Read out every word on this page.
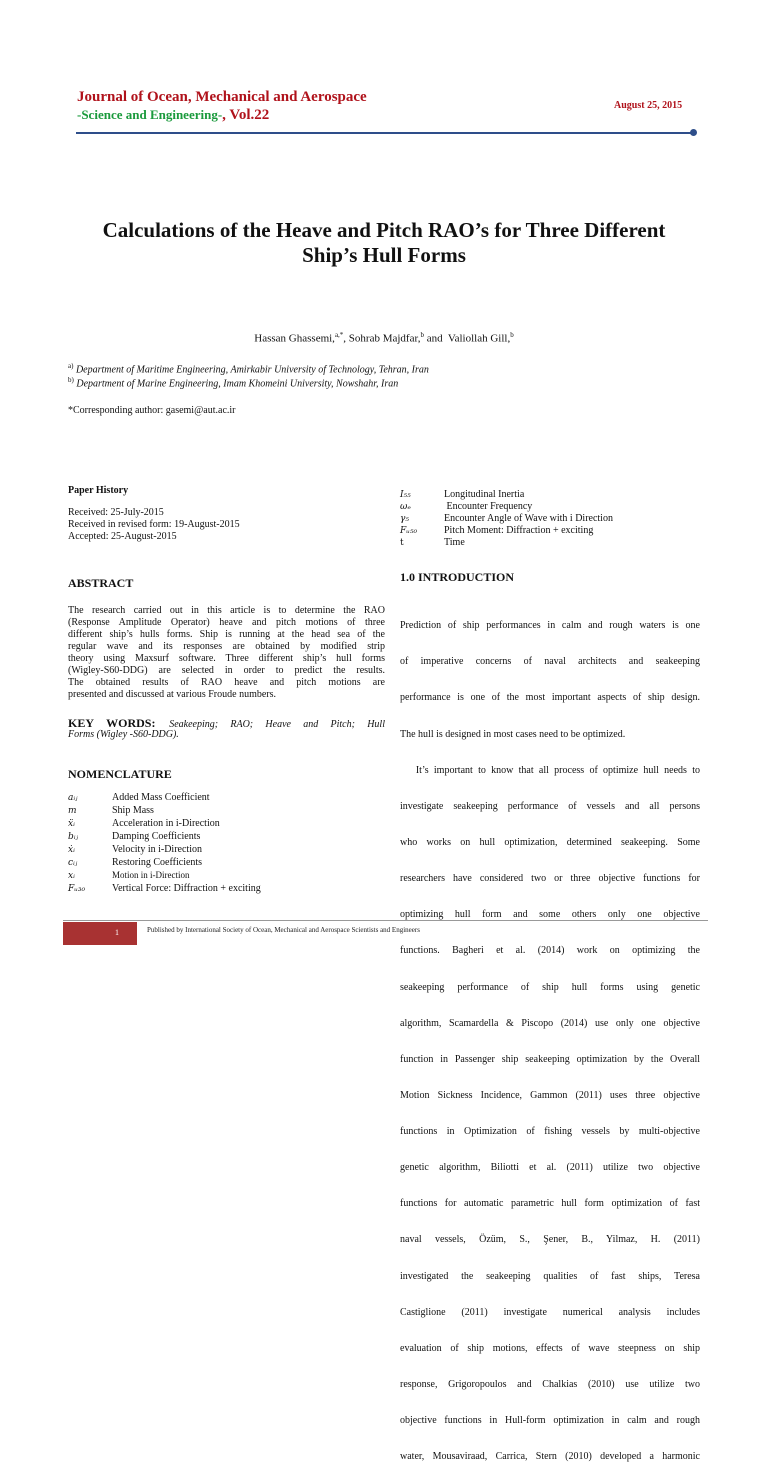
Journal of Ocean, Mechanical and Aerospace
-Science and Engineering-, Vol.22
August 25, 2015
Calculations of the Heave and Pitch RAO’s for Three Different
Ship’s Hull Forms
Hassan Ghassemi,$^{a,*}$, Sohrab Majdfar,$^b$ and  Valiollah Gill,$^b$
$^{a)}$ Department of Maritime Engineering, Amirkabir University of Technology, Tehran, Iran
$^{b)}$ Department of Marine Engineering, Imam Khomeini University, Nowshahr, Iran
*Corresponding author: gasemi@aut.ac.ir
Paper History
Received: 25-July-2015
Received in revised form: 19-August-2015
Accepted: 25-August-2015
ABSTRACT
The research carried out in this article is to determine the RAO
(Response Amplitude Operator) heave and pitch motions of three
different ship’s hulls forms. Ship is running at the head sea of the
regular wave and its responses are obtained by modified strip
theory using Maxsurf software. Three different ship’s hull forms
(Wigley-S60-DDG) are selected in order to predict the results.
The obtained results of RAO heave and pitch motions are
presented and discussed at various Froude numbers.
KEY WORDS: Seakeeping; RAO; Heave and Pitch; Hull
Forms (Wigley -S60-DDG).
NOMENCLATURE
aᵢⱼ	Added Mass Coefficient
m	Ship Mass
ẍᵢ	Acceleration in i-Direction
bᵢⱼ	Damping Coefficients
ẋᵢ	Velocity in i-Direction
cᵢⱼ	Restoring Coefficients
xᵢ	Motion in i-Direction
Fᵤ₃₀	Vertical Force: Diffraction + exciting
I₅₅	Longitudinal Inertia
ωₑ	Encounter Frequency
γ₅	Encounter Angle of Wave with i Direction
Fᵤ₅₀	Pitch Moment: Diffraction + exciting
t	Time
1.0 INTRODUCTION

Prediction of ship performances in calm and rough waters is one

of  imperative  concerns  of  naval  architects  and  seakeeping

performance is one of the most important aspects of ship design.

The hull is designed in most cases need to be optimized.

It’s important to know that all process of optimize hull needs to

investigate seakeeping performance of vessels and all persons

who works on hull optimization, determined seakeeping. Some

researchers have considered two or three objective functions for

optimizing  hull  form  and  some  others  only  one  objective

functions.  Bagheri  et  al.  (2014)  work  on  optimizing  the

seakeeping  performance  of  ship  hull  forms  using  genetic

algorithm, Scamardella & Piscopo (2014) use only one objective

function in Passenger ship seakeeping optimization by the Overall

Motion Sickness Incidence, Gammon (2011) uses three objective

functions in Optimization of fishing vessels by multi-objective

genetic  algorithm,  Biliotti  et  al.  (2011)  utilize  two  objective

functions for automatic parametric hull form optimization of fast

naval  vessels,  Özüm,  S.,  Şener,  B.,  Yilmaz,  H.  (2011)

investigated  the  seakeeping  qualities  of  fast  ships,  Teresa

Castiglione  (2011)  investigate  numerical  analysis  includes

evaluation  of  ship  motions,  effects  of  wave  steepness  on  ship

response,  Grigoropoulos  and  Chalkias  (2010)  use  utilize  two

objective functions in Hull-form optimization in calm and rough

water, Mousaviraad, Carrica, Stern (2010) developed a harmonic

1	Published by International Society of Ocean, Mechanical and Aerospace Scientists and Engineers
